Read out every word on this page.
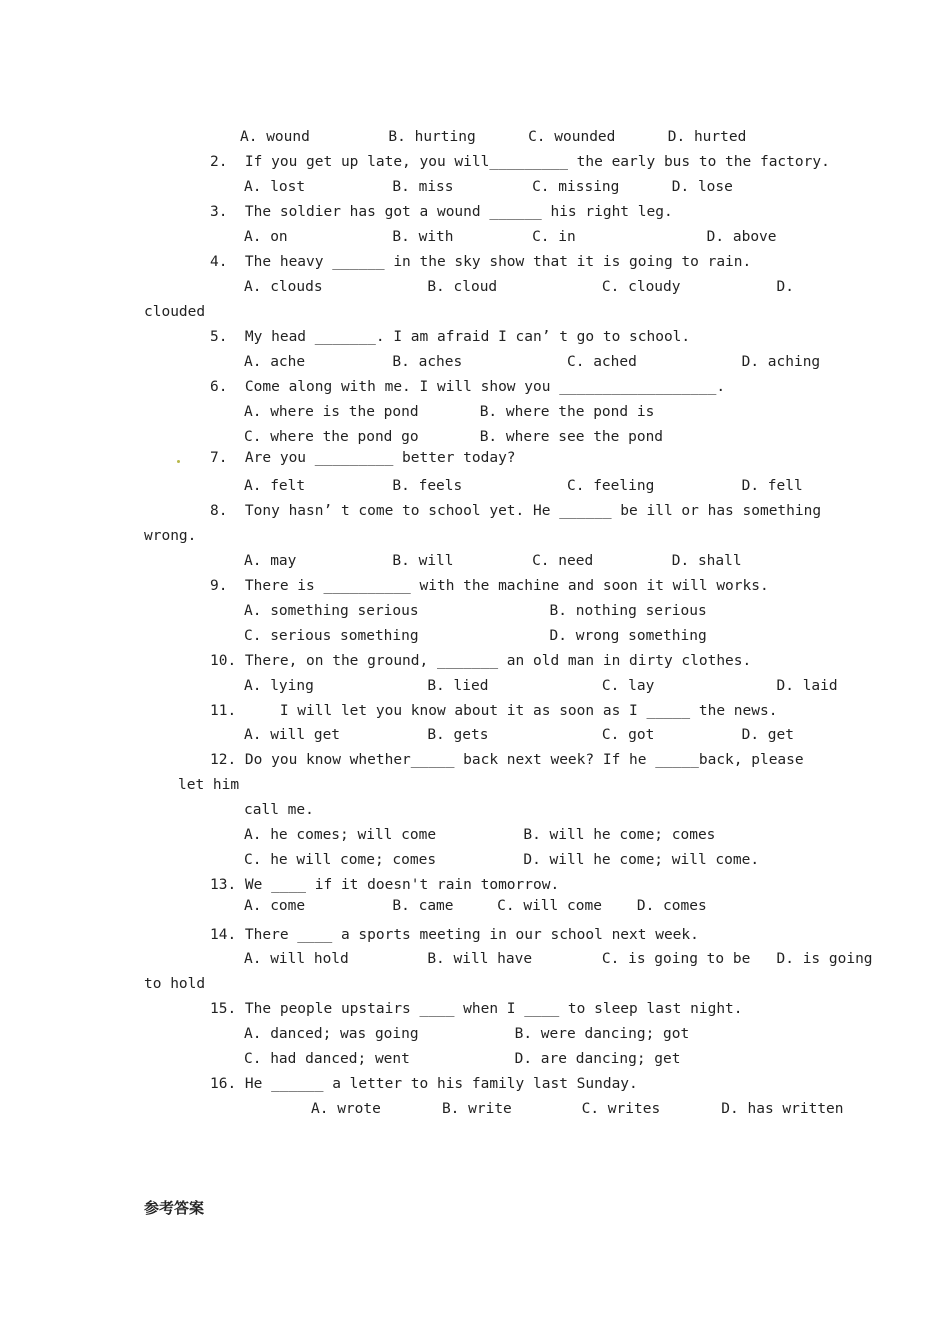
A. wound         B. hurting      C. wounded      D. hurted
2.  If you get up late, you will_________ the early bus to the factory.
A. lost          B. miss         C. missing      D. lose
3.  The soldier has got a wound ______ his right leg.
A. on            B. with         C. in               D. above
4.  The heavy ______ in the sky show that it is going to rain.
A. clouds            B. cloud            C. cloudy           D.
clouded
5.  My head _______. I am afraid I can’ t go to school.
A. ache          B. aches            C. ached            D. aching
6.  Come along with me. I will show you __________________.
A. where is the pond       B. where the pond is
C. where the pond go       B. where see the pond
7.  Are you _________ better today?
A. felt          B. feels            C. feeling          D. fell
8.  Tony hasn’ t come to school yet. He ______ be ill or has something
wrong.
A. may           B. will         C. need         D. shall
9.  There is __________ with the machine and soon it will works.
A. something serious               B. nothing serious
C. serious something               D. wrong something
10. There, on the ground, _______ an old man in dirty clothes.
A. lying             B. lied             C. lay              D. laid
11.     I will let you know about it as soon as I _____ the news.
A. will get          B. gets             C. got          D. get
12. Do you know whether_____ back next week? If he _____back, please
let him
call me.
A. he comes; will come          B. will he come; comes
C. he will come; comes          D. will he come; will come.
13. We ____ if it doesn't rain tomorrow.
A. come          B. came     C. will come    D. comes
14. There ____ a sports meeting in our school next week.
A. will hold         B. will have        C. is going to be   D. is going
to hold
15. The people upstairs ____ when I ____ to sleep last night.
A. danced; was going           B. were dancing; got
C. had danced; went            D. are dancing; get
16. He ______ a letter to his family last Sunday.
A. wrote       B. write        C. writes       D. has written
参考答案
